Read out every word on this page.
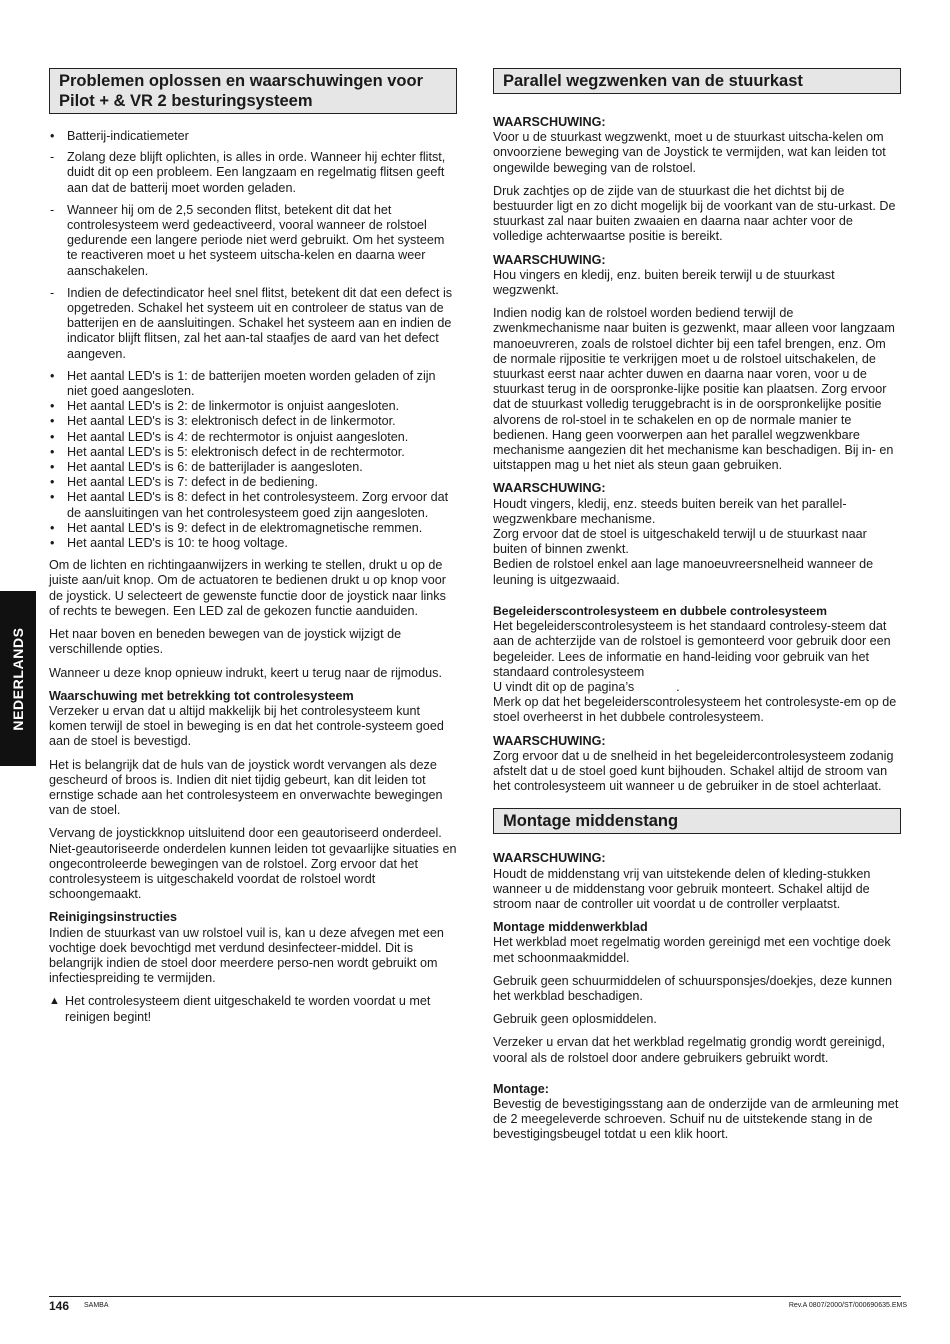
NEDERLANDS
Problemen oplossen en waarschuwingen voor Pilot + & VR 2 besturingsysteem
• Batterij-indicatiemeter
- Zolang deze blijft oplichten, is alles in orde. Wanneer hij echter flitst, duidt dit op een probleem. Een langzaam en regelmatig flitsen geeft aan dat de batterij moet worden geladen.
- Wanneer hij om de 2,5 seconden flitst, betekent dit dat het controlesysteem werd gedeactiveerd, vooral wanneer de rolstoel gedurende een langere periode niet werd gebruikt. Om het systeem te reactiveren moet u het systeem uitscha-kelen en daarna weer aanschakelen.
- Indien de defectindicator heel snel flitst, betekent dit dat een defect is opgetreden. Schakel het systeem uit en controleer de status van de batterijen en de aansluitingen. Schakel het systeem aan en indien de indicator blijft flitsen, zal het aan-tal staafjes de aard van het defect aangeven.
• Het aantal LED's is 1: de batterijen moeten worden geladen of zijn niet goed aangesloten.
• Het aantal LED's is 2: de linkermotor is onjuist aangesloten.
• Het aantal LED's is 3: elektronisch defect in de linkermotor.
• Het aantal LED's is 4: de rechtermotor is onjuist aangesloten.
• Het aantal LED's is 5: elektronisch defect in de rechtermotor.
• Het aantal LED's is 6: de batterijlader is aangesloten.
• Het aantal LED's is 7: defect in de bediening.
• Het aantal LED's is 8: defect in het controlesysteem. Zorg ervoor dat de aansluitingen van het controlesysteem goed zijn aangesloten.
• Het aantal LED's is 9: defect in de elektromagnetische remmen.
• Het aantal LED's is 10: te hoog voltage.

Om de lichten en richtingaanwijzers in werking te stellen, drukt u op de juiste aan/uit knop. Om de actuatoren te bedienen drukt u op knop voor de joystick. U selecteert de gewenste functie door de joystick naar links of rechts te bewegen. Een LED zal de gekozen functie aanduiden.

Het naar boven en beneden bewegen van de joystick wijzigt de verschillende opties.

Wanneer u deze knop opnieuw indrukt, keert u terug naar de rijmodus.

Waarschuwing met betrekking tot controlesysteem

Verzeker u ervan dat u altijd makkelijk bij het controlesysteem kunt komen terwijl de stoel in beweging is en dat het controle-systeem goed aan de stoel is bevestigd.

Het is belangrijk dat de huls van de joystick wordt vervangen als deze gescheurd of broos is. Indien dit niet tijdig gebeurt, kan dit leiden tot ernstige schade aan het controlesysteem en onverwachte bewegingen van de stoel.

Vervang de joystickknop uitsluitend door een geautoriseerd onderdeel. Niet-geautoriseerde onderdelen kunnen leiden tot gevaarlijke situaties en ongecontroleerde bewegingen van de rolstoel. Zorg ervoor dat het controlesysteem is uitgeschakeld voordat de rolstoel wordt schoongemaakt.

Reinigingsinstructies

Indien de stuurkast van uw rolstoel vuil is, kan u deze afvegen met een vochtige doek bevochtigd met verdund desinfecteer-middel. Dit is belangrijk indien de stoel door meerdere perso-nen wordt gebruikt om infectiespreiding te vermijden.

▲ Het controlesysteem dient uitgeschakeld te worden voordat u met reinigen begint!
Parallel wegzwenken van de stuurkast

WAARSCHUWING:

Voor u de stuurkast wegzwenkt, moet u de stuurkast uitscha-kelen om onvoorziene beweging van de Joystick te vermijden, wat kan leiden tot ongewilde beweging van de rolstoel.

Druk zachtjes op de zijde van de stuurkast die het dichtst bij de bestuurder ligt en zo dicht mogelijk bij de voorkant van de stu-urkast. De stuurkast zal naar buiten zwaaien en daarna naar achter voor de volledige achterwaartse positie is bereikt.

WAARSCHUWING:

Hou vingers en kledij, enz. buiten bereik terwijl u de stuurkast wegzwenkt.

Indien nodig kan de rolstoel worden bediend terwijl de zwenkmechanisme naar buiten is gezwenkt, maar alleen voor langzaam manoeuvreren, zoals de rolstoel dichter bij een tafel brengen, enz. Om de normale rijpositie te verkrijgen moet u de rolstoel uitschakelen, de stuurkast eerst naar achter duwen en daarna naar voren, voor u de stuurkast terug in de oorspronke-lijke positie kan plaatsen. Zorg ervoor dat de stuurkast volledig teruggebracht is in de oorspronkelijke positie alvorens de rol-stoel in te schakelen en op de normale manier te bedienen. Hang geen voorwerpen aan het parallel wegzwenkbare mechanisme aangezien dit het mechanisme kan beschadigen. Bij in- en uitstappen mag u het niet als steun gaan gebruiken.

WAARSCHUWING:

Houdt vingers, kledij, enz. steeds buiten bereik van het parallel-wegzwenkbare mechanisme.

Zorg ervoor dat de stoel is uitgeschakeld terwijl u de stuurkast naar buiten of binnen zwenkt.

Bedien de rolstoel enkel aan lage manoeuvreersnelheid wanneer de leuning is uitgezwaaid.

Begeleiderscontrolesysteem en dubbele controlesysteem

Het begeleiderscontrolesysteem is het standaard controlesy-steem dat aan de achterzijde van de rolstoel is gemonteerd voor gebruik door een begeleider. Lees de informatie en hand-leiding voor gebruik van het standaard controlesysteem

U vindt dit op de pagina’s            .

Merk op dat het begeleiderscontrolesysteem het controlesyste-em op de stoel overheerst in het dubbele controlesysteem.

WAARSCHUWING:

Zorg ervoor dat u de snelheid in het begeleidercontrolesysteem zodanig afstelt dat u de stoel goed kunt bijhouden. Schakel altijd de stroom van het controlesysteem uit wanneer u de gebruiker in de stoel achterlaat.

Montage middenstang

WAARSCHUWING:

Houdt de middenstang vrij van uitstekende delen of kleding-stukken wanneer u de middenstang voor gebruik monteert. Schakel altijd de stroom naar de controller uit voordat u de controller verplaatst.

Montage middenwerkblad

Het werkblad moet regelmatig worden gereinigd met een vochtige doek met schoonmaakmiddel.

Gebruik geen schuurmiddelen of schuursponsjes/doekjes, deze kunnen het werkblad beschadigen.

Gebruik geen oplosmiddelen.

Verzeker u ervan dat het werkblad regelmatig grondig wordt gereinigd, vooral als de rolstoel door andere gebruikers gebruikt wordt.

Montage:

Bevestig de bevestigingsstang aan de onderzijde van de armleuning met de 2 meegeleverde schroeven. Schuif nu de uitstekende stang in de bevestigingsbeugel totdat u een klik hoort.

146 SAMBA	Rev.A 0807/2000/ST/000690635.EMS
